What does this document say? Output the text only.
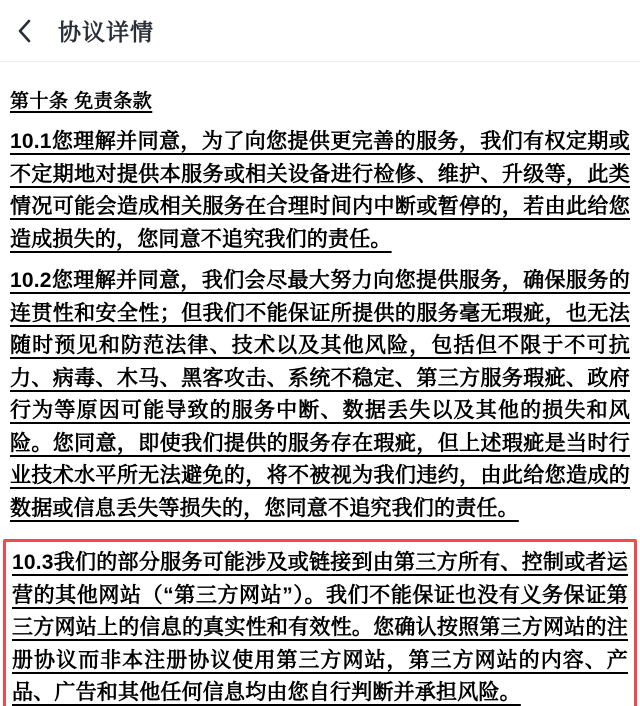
协议详情
第十条 免责条款

10.1您理解并同意，为了向您提供更完善的服务，我们有权定期或不定期地对提供本服务或相关设备进行检修、维护、升级等，此类情况可能会造成相关服务在合理时间内中断或暂停的，若由此给您造成损失的，您同意不追究我们的责任。

10.2您理解并同意，我们会尽最大努力向您提供服务，确保服务的连贯性和安全性；但我们不能保证所提供的服务毫无瑕疵，也无法随时预见和防范法律、技术以及其他风险，包括但不限于不可抗力、病毒、木马、黑客攻击、系统不稳定、第三方服务瑕疵、政府行为等原因可能导致的服务中断、数据丢失以及其他的损失和风险。您同意，即使我们提供的服务存在瑕疵，但上述瑕疵是当时行业技术水平所无法避免的，将不被视为我们违约，由此给您造成的数据或信息丢失等损失的，您同意不追究我们的责任。

10.3我们的部分服务可能涉及或链接到由第三方所有、控制或者运营的其他网站（“第三方网站”）。我们不能保证也没有义务保证第三方网站上的信息的真实性和有效性。您确认按照第三方网站的注册协议而非本注册协议使用第三方网站，第三方网站的内容、产品、广告和其他任何信息均由您自行判断并承担风险。
